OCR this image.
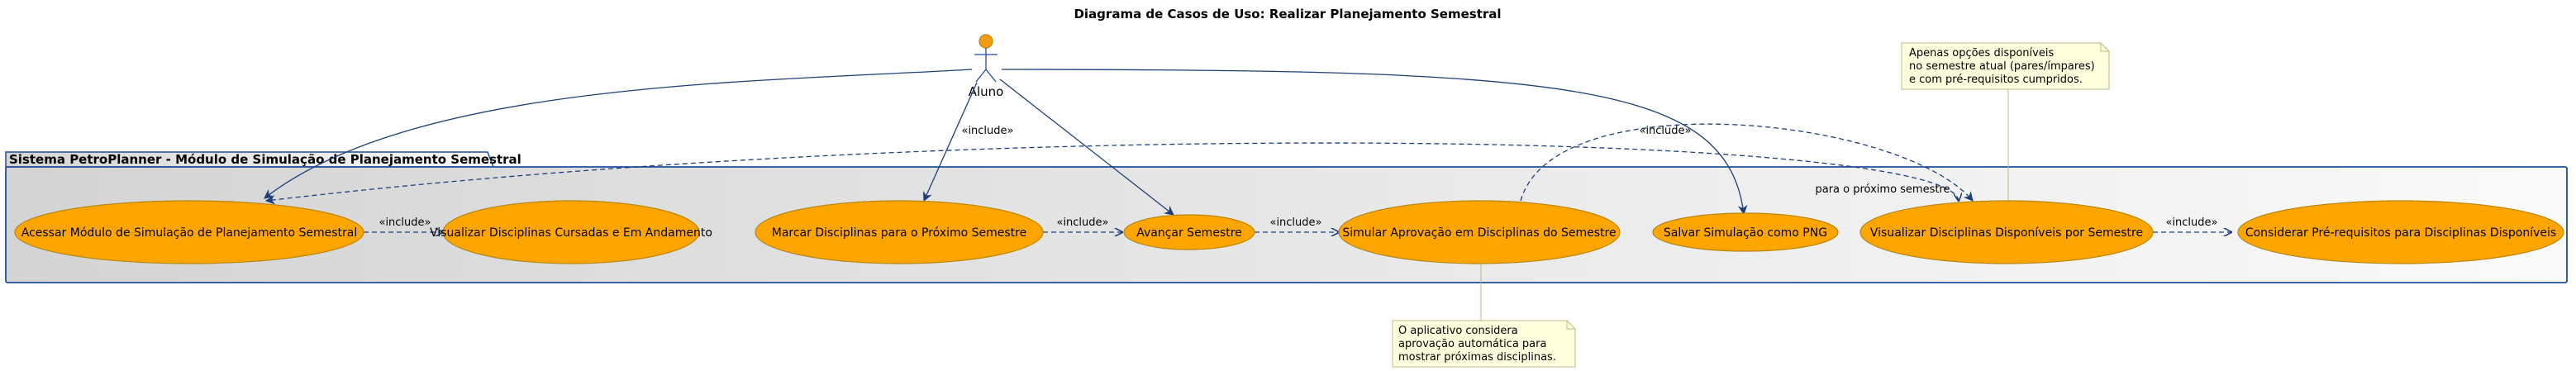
Diagrama de Casos de Uso: Realizar Planejamento Semestral
Sistema PetroPlanner - Módulo de Simulação de Planejamento Semestral
Aluno
«include»	«include»
para o próximo semestre
«include»	«include»	«include»	«include»
Acessar Módulo de Simulação de Planejamento Semestral	Visualizar Disciplinas Cursadas e Em Andamento	Marcar Disciplinas para o Próximo Semestre	Avançar Semestre	Simular Aprovação em Disciplinas do Semestre	Salvar Simulação como PNG	Visualizar Disciplinas Disponíveis por Semestre	Considerar Pré-requisitos para Disciplinas Disponíveis
Apenas opções disponíveis
no semestre atual (pares/ímpares)
e com pré-requisitos cumpridos.
O aplicativo considera
aprovação automática para
mostrar próximas disciplinas.
